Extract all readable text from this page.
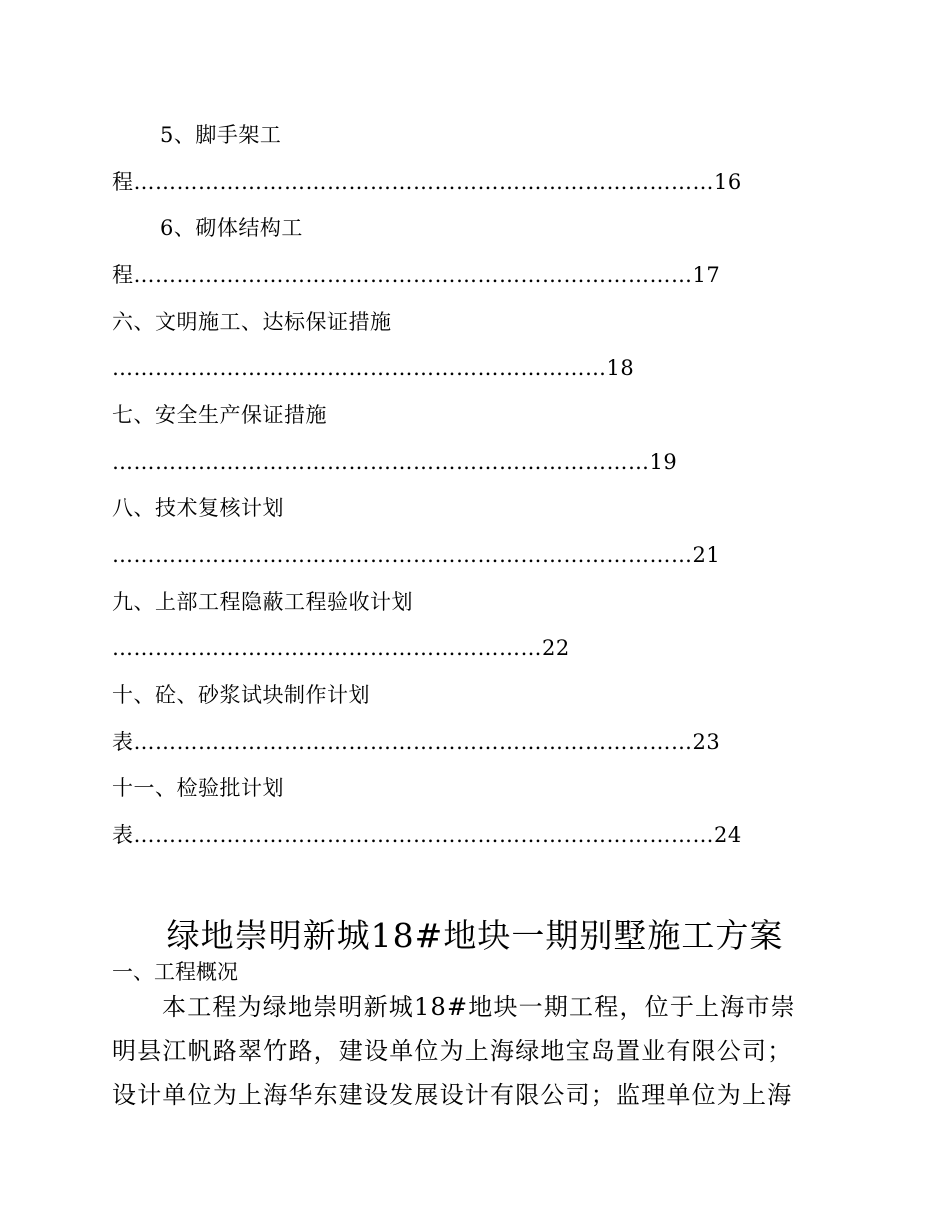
5、脚手架工
程………………………………………………………………………16
6、砌体结构工
程……………………………………………………………………17
六、文明施工、达标保证措施
……………………………………………………………18
七、安全生产保证措施
…………………………………………………………………19
八、技术复核计划
………………………………………………………………………21
九、上部工程隐蔽工程验收计划
……………………………………………………22
十、砼、砂浆试块制作计划
表……………………………………………………………………23
十一、检验批计划
表………………………………………………………………………24
绿地崇明新城18#地块一期别墅施工方案
一、工程概况
本工程为绿地崇明新城18#地块一期工程，位于上海市崇
明县江帆路翠竹路，建设单位为上海绿地宝岛置业有限公司；
设计单位为上海华东建设发展设计有限公司；监理单位为上海
